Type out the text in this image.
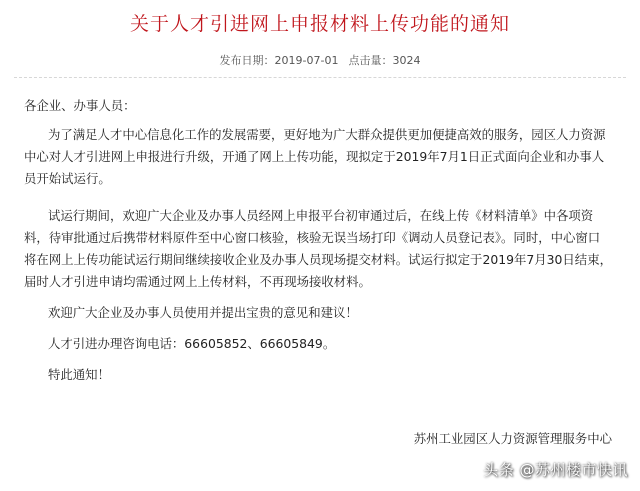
关于人才引进网上申报材料上传功能的通知
发布日期：2019-07-01 点击量：3024

各企业、办事人员：

为了满足人才中心信息化工作的发展需要，更好地为广大群众提供更加便捷高效的服务，园区人力资源中心对人才引进网上申报进行升级，开通了网上上传功能，现拟定于2019年7月1日正式面向企业和办事人员开始试运行。

试运行期间，欢迎广大企业及办事人员经网上申报平台初审通过后，在线上传《材料清单》中各项资料，待审批通过后携带材料原件至中心窗口核验，核验无误当场打印《调动人员登记表》。同时，中心窗口 将在网上上传功能试运行期间继续接收企业及办事人员现场提交材料。试运行拟定于2019年7月30日结束，届时人才引进申请均需通过网上上传材料，不再现场接收材料。

欢迎广大企业及办事人员使用并提出宝贵的意见和建议！

人才引进办理咨询电话：66605852、66605849。

特此通知！

苏州工业园区人力资源管理服务中心
头条 @苏州楼市快讯
